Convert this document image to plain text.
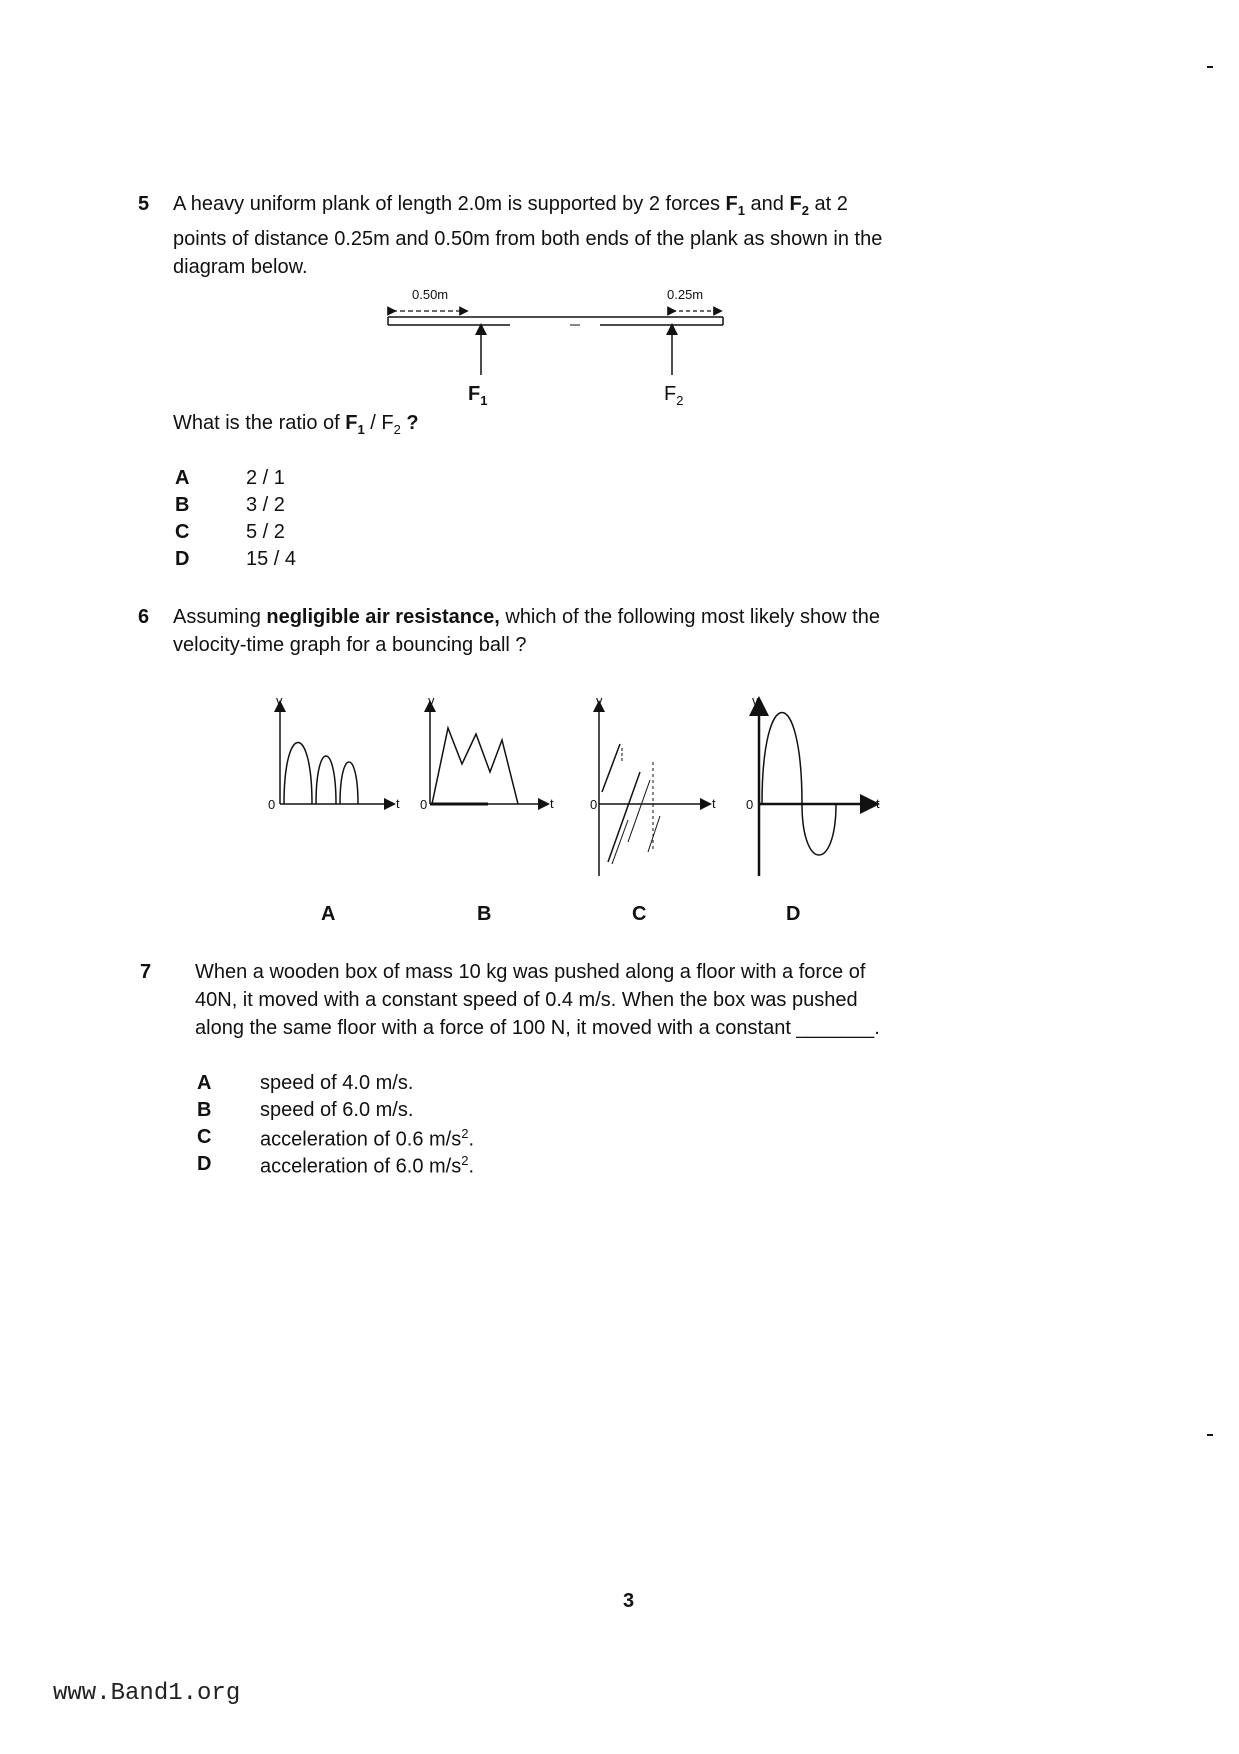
5 A heavy uniform plank of length 2.0m is supported by 2 forces $F_1$ and $F_2$ at 2
points of distance 0.25m and 0.50m from both ends of the plank as shown in the
diagram below.
0.50m	0.25m
$F_1$	$F_2$
What is the ratio of $F_1 / F_2$ ?
A	2 / 1
B	3 / 2
C	5 / 2
D	15 / 4
6 Assuming negligible air resistance, which of the following most likely show the
velocity-time graph for a bouncing ball ?
v
0	t
v
0	t
v
0	t
v
0	t
A	B	C	D
7 When a wooden box of mass 10 kg was pushed along a floor with a force of
40N, it moved with a constant speed of 0.4 m/s. When the box was pushed
along the same floor with a force of 100 N, it moved with a constant _______.
A speed of 4.0 m/s.
B speed of 6.0 m/s.
C acceleration of 0.6 $m/s^2$.
D acceleration of 6.0 $m/s^2$.
3
www.Band1.org
